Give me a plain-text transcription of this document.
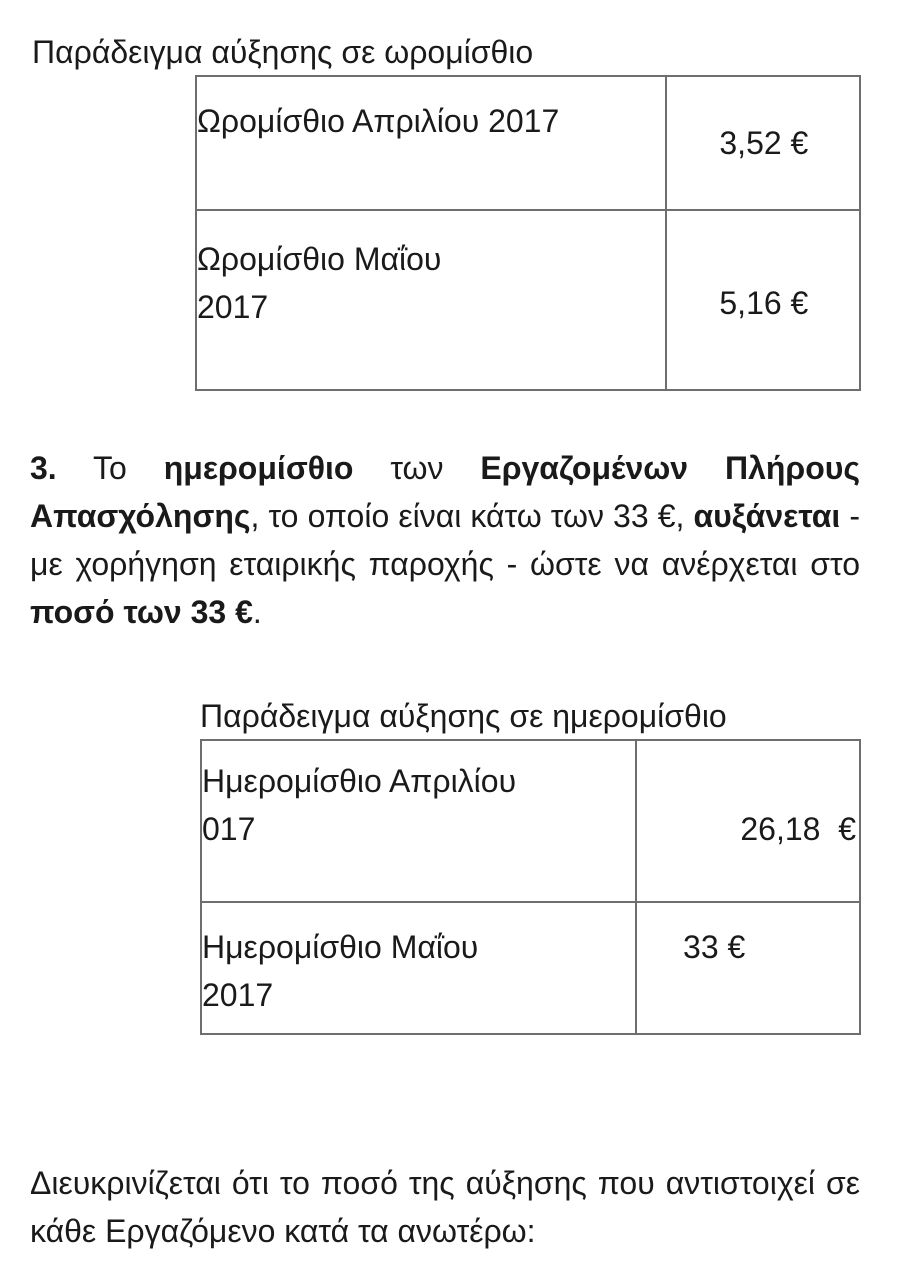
Παράδειγμα αύξησης σε ωρομίσθιο
Ωρομίσθιο Απριλίου 2017	3,52 €

Ωρομίσθιο Μαΐου
2017	5,16 €

3. Το ημερομίσθιο των Εργαζομένων Πλήρους Απασχόλησης, το οποίο είναι κάτω των 33 €, αυξάνεται - με χορήγηση εταιρικής παροχής - ώστε να ανέρχεται στο ποσό των 33 €.

Παράδειγμα αύξησης σε ημερομίσθιο
Ημερομίσθιο Απριλίου
017	26,18  €

Ημερομίσθιο Μαΐου
2017	33 €

Διευκρινίζεται ότι το ποσό της αύξησης που αντιστοιχεί σε κάθε Εργαζόμενο κατά τα ανωτέρω:
